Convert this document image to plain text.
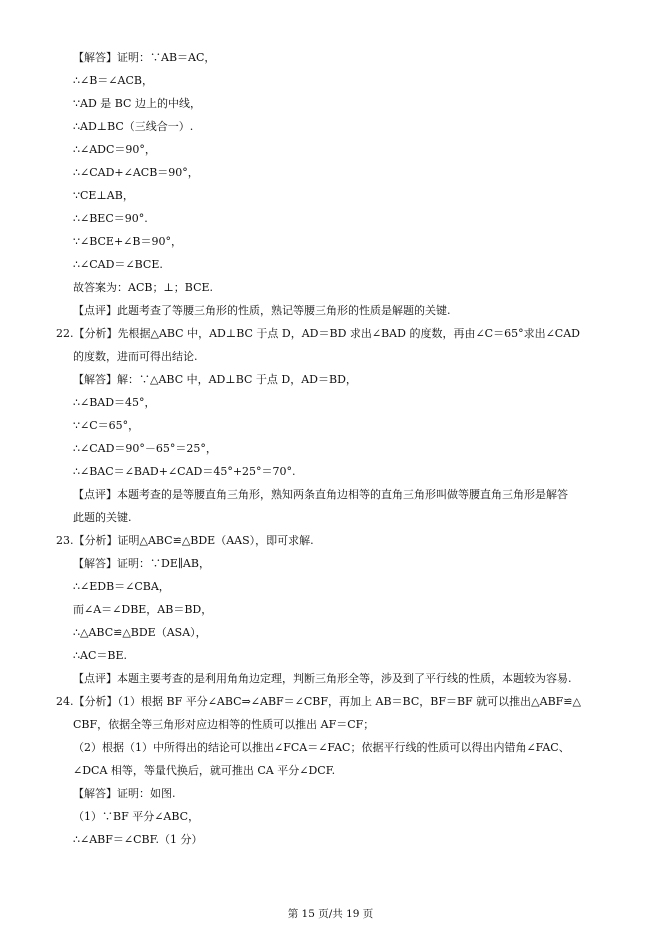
【解答】证明：∵AB＝AC，
∴∠B＝∠ACB，
∵AD 是 BC 边上的中线，
∴AD⊥BC（三线合一）.
∴∠ADC＝90°，
∴∠CAD+∠ACB＝90°，
∵CE⊥AB，
∴∠BEC＝90°.
∵∠BCE+∠B＝90°，
∴∠CAD＝∠BCE.
故答案为：ACB；⊥；BCE.
【点评】此题考查了等腰三角形的性质，熟记等腰三角形的性质是解题的关键.
22.【分析】先根据△ABC 中，AD⊥BC 于点 D，AD＝BD 求出∠BAD 的度数，再由∠C＝65°求出∠CAD
的度数，进而可得出结论.
【解答】解：∵△ABC 中，AD⊥BC 于点 D，AD＝BD，
∴∠BAD＝45°，
∵∠C＝65°，
∴∠CAD＝90°－65°＝25°，
∴∠BAC＝∠BAD+∠CAD＝45°+25°＝70°.
【点评】本题考查的是等腰直角三角形，熟知两条直角边相等的直角三角形叫做等腰直角三角形是解答
此题的关键.
23.【分析】证明△ABC≌△BDE（AAS），即可求解.
【解答】证明：∵DE∥AB，
∴∠EDB＝∠CBA，
而∠A＝∠DBE，AB＝BD，
∴△ABC≌△BDE（ASA），
∴AC＝BE.
【点评】本题主要考查的是利用角角边定理，判断三角形全等，涉及到了平行线的性质，本题较为容易.
24.【分析】（1）根据 BF 平分∠ABC⇒∠ABF＝∠CBF，再加上 AB＝BC，BF＝BF 就可以推出△ABF≌△
CBF，依据全等三角形对应边相等的性质可以推出 AF＝CF；
（2）根据（1）中所得出的结论可以推出∠FCA＝∠FAC；依据平行线的性质可以得出内错角∠FAC、
∠DCA 相等，等量代换后，就可推出 CA 平分∠DCF.
【解答】证明：如图.
（1）∵BF 平分∠ABC，
∴∠ABF＝∠CBF.（1 分）
第 15 页/共 19 页
